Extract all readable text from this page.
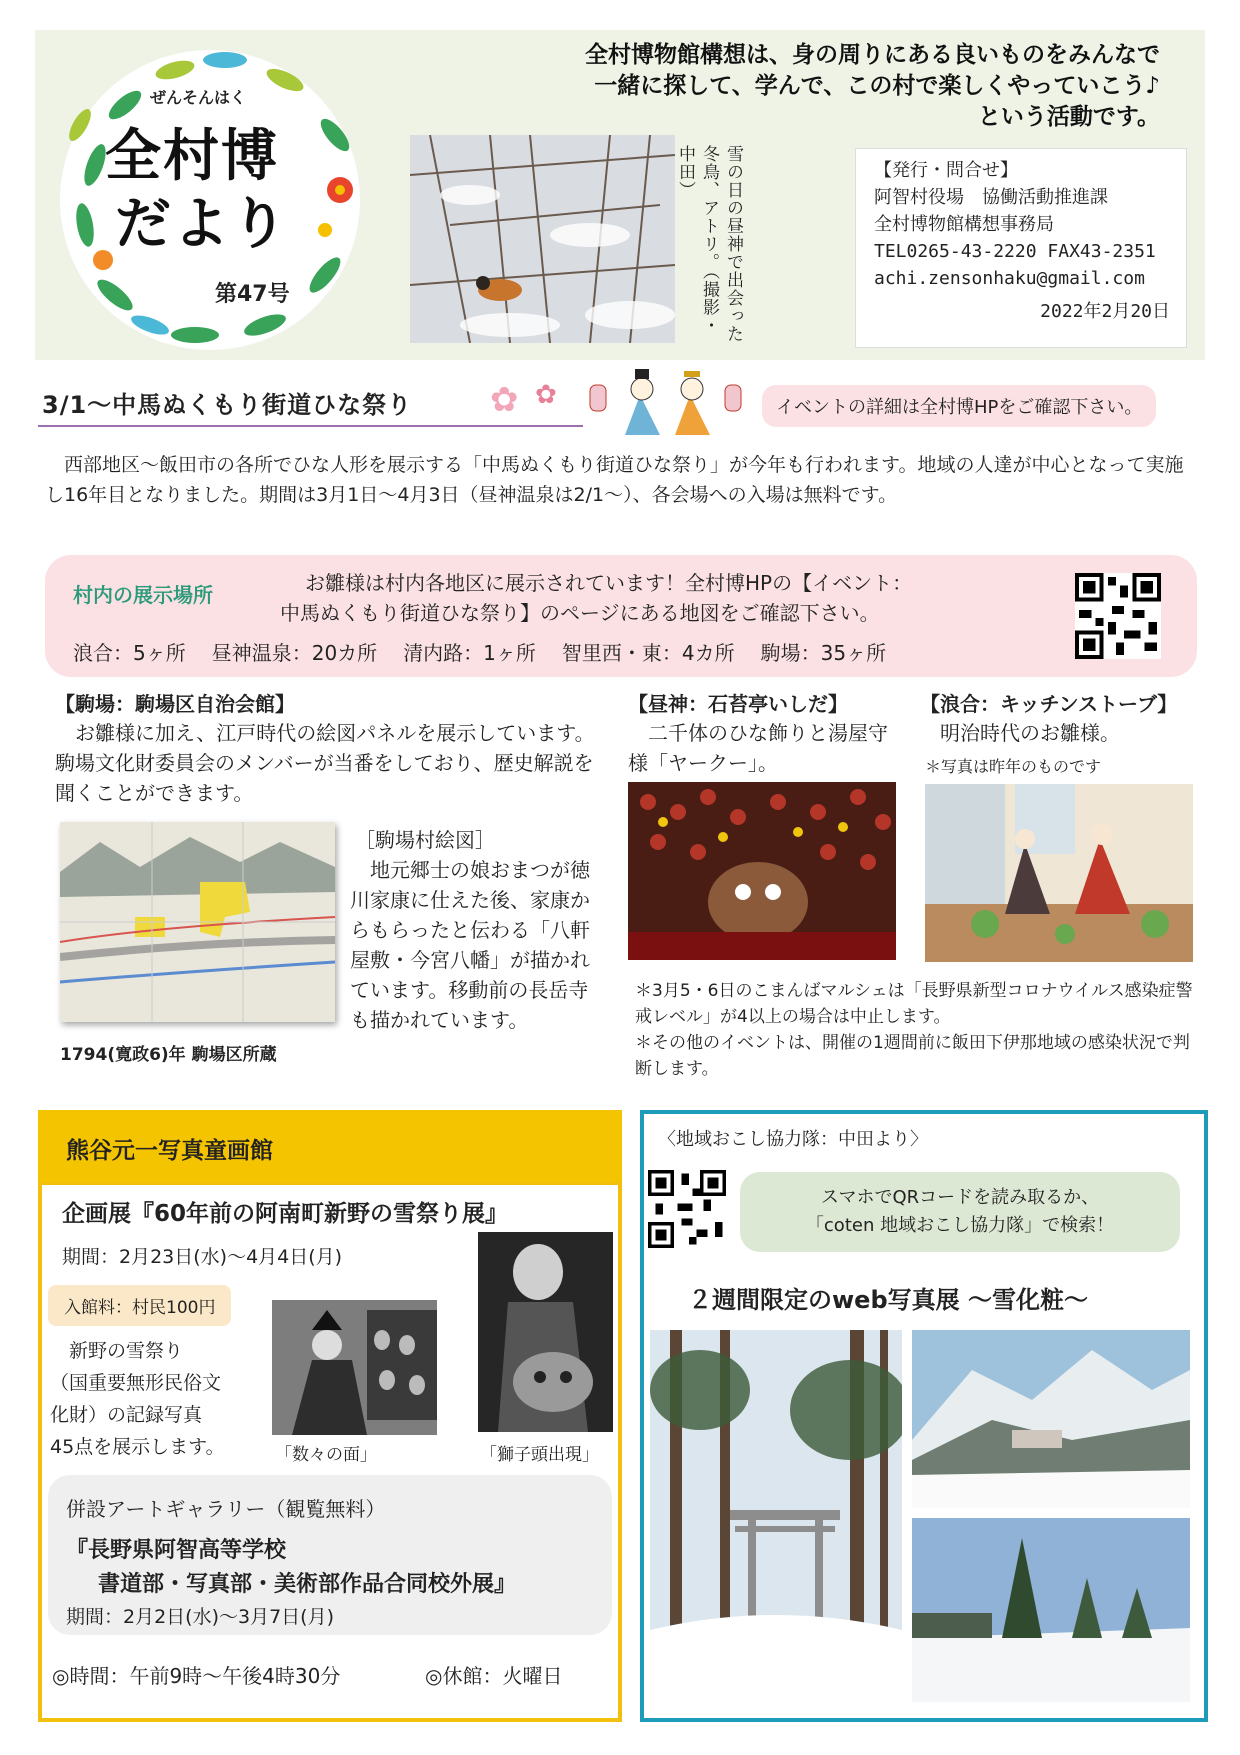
ぜんそんはく
全村博
だより
第47号
全村博物館構想は、身の周りにある良いものをみんなで
一緒に探して、学んで、この村で楽しくやっていこう♪
という活動です。
雪の日の昼神で出会った冬鳥、アトリ。（撮影・中田）	【発行・問合せ】
阿智村役場　協働活動推進課
全村博物館構想事務局
TEL0265-43-2220 FAX43-2351
achi.zensonhaku@gmail.com
2022年2月20日
3/1～中馬ぬくもり街道ひな祭り ✿ ✿	イベントの詳細は全村博HPをご確認下さい。

　西部地区～飯田市の各所でひな人形を展示する「中馬ぬくもり街道ひな祭り」が今年も行われます。地域の人達が中心となって実施し16年目となりました。期間は3月1日～4月3日（昼神温泉は2/1～）、各会場への入場は無料です。

村内の展示場所	お雛様は村内各地区に展示されています！全村博HPの【イベント：
中馬ぬくもり街道ひな祭り】のページにある地図をご確認下さい。
浪合：5ヶ所 昼神温泉：20カ所 清内路：1ヶ所 智里西・東：4カ所 駒場：35ヶ所
【駒場：駒場区自治会館】
　お雛様に加え、江戸時代の絵図パネルを展示しています。駒場文化財委員会のメンバーが当番をしており、歴史解説を聞くことができます。
1794(寛政6)年 駒場区所蔵
［駒場村絵図］
　地元郷士の娘おまつが徳川家康に仕えた後、家康からもらったと伝わる「八軒屋敷・今宮八幡」が描かれています。移動前の長岳寺も描かれています。
【昼神：石苔亭いしだ】
　二千体のひな飾りと湯屋守様「ヤークー」。
【浪合：キッチンストーブ】
　明治時代のお雛様。
＊写真は昨年のものです
＊3月5・6日のこまんばマルシェは「長野県新型コロナウイルス感染症警戒レベル」が4以上の場合は中止します。
＊その他のイベントは、開催の1週間前に飯田下伊那地域の感染状況で判断します。
熊谷元一写真童画館
企画展『60年前の阿南町新野の雪祭り展』
期間：2月23日(水)～4月4日(月)
入館料：村民100円
　新野の雪祭り
（国重要無形民俗文
化財）の記録写真
45点を展示します。	「数々の面」	「獅子頭出現」
併設アートギャラリー（観覧無料）
『長野県阿智高等学校
書道部・写真部・美術部作品合同校外展』
期間：2月2日(水)～3月7日(月)
◎時間：午前9時～午後4時30分	◎休館：火曜日
〈地域おこし協力隊：中田より〉
スマホでQRコードを読み取るか、
「coten 地域おこし協力隊」で検索！
２週間限定のweb写真展 ～雪化粧～
